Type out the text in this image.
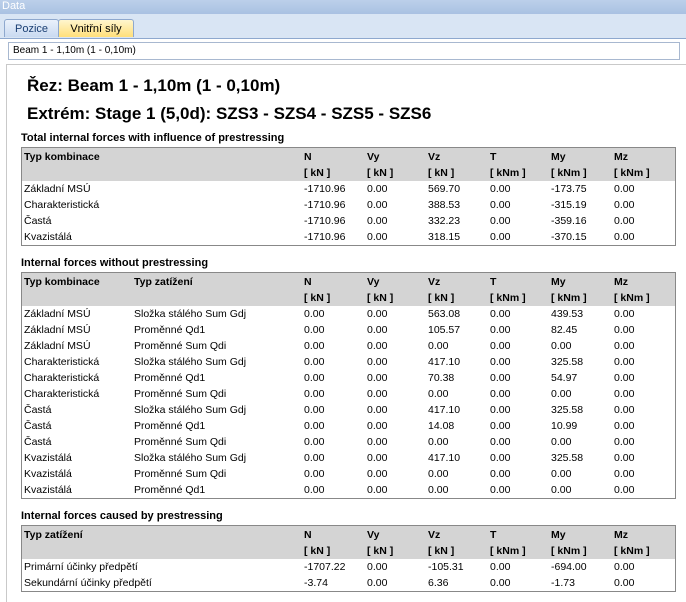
Data
Pozice	Vnitřní síly
Beam 1 - 1,10m (1 - 0,10m)
Řez: Beam 1 - 1,10m (1 - 0,10m)
Extrém: Stage 1 (5,0d): SZS3 - SZS4 - SZS5 - SZS6
Total internal forces with influence of prestressing
Typ kombinace	N	Vy	Vz	T	My	Mz
[ kN ]	[ kN ]	[ kN ]	[ kNm ] [ kNm ]	[ kNm ]
Základní MSÚ	-1710.96 0.00	569.70	0.00	-173.75	0.00
Charakteristická	-1710.96 0.00	388.53	0.00	-315.19	0.00
Častá	-1710.96 0.00	332.23	0.00	-359.16	0.00
Kvazistálá	-1710.96 0.00	318.15	0.00	-370.15	0.00
Internal forces without prestressing
Typ kombinace	Typ zatížení	N	Vy	Vz	T	My	Mz
[ kN ]	[ kN ]	[ kN ]	[ kNm ] [ kNm ]	[ kNm ]
Základní MSÚ	Složka stálého Sum Gdj	0.00	0.00	563.08	0.00	439.53	0.00
Základní MSÚ	Proměnné Qd1	0.00	0.00	105.57	0.00	82.45	0.00
Základní MSÚ	Proměnné Sum Qdi	0.00	0.00	0.00	0.00	0.00	0.00
Charakteristická	Složka stálého Sum Gdj	0.00	0.00	417.10	0.00	325.58	0.00
Charakteristická	Proměnné Qd1	0.00	0.00	70.38	0.00	54.97	0.00
Charakteristická	Proměnné Sum Qdi	0.00	0.00	0.00	0.00	0.00	0.00
Častá	Složka stálého Sum Gdj	0.00	0.00	417.10	0.00	325.58	0.00
Častá	Proměnné Qd1	0.00	0.00	14.08	0.00	10.99	0.00
Častá	Proměnné Sum Qdi	0.00	0.00	0.00	0.00	0.00	0.00
Kvazistálá	Složka stálého Sum Gdj	0.00	0.00	417.10	0.00	325.58	0.00
Kvazistálá	Proměnné Sum Qdi	0.00	0.00	0.00	0.00	0.00	0.00
Kvazistálá	Proměnné Qd1	0.00	0.00	0.00	0.00	0.00	0.00
Internal forces caused by prestressing
Typ zatížení	N	Vy	Vz	T	My	Mz
[ kN ]	[ kN ]	[ kN ]	[ kNm ] [ kNm ]	[ kNm ]
Primární účinky předpětí	-1707.22 0.00	-105.31	0.00	-694.00	0.00
Sekundární účinky předpětí	-3.74	0.00	6.36	0.00	-1.73	0.00
